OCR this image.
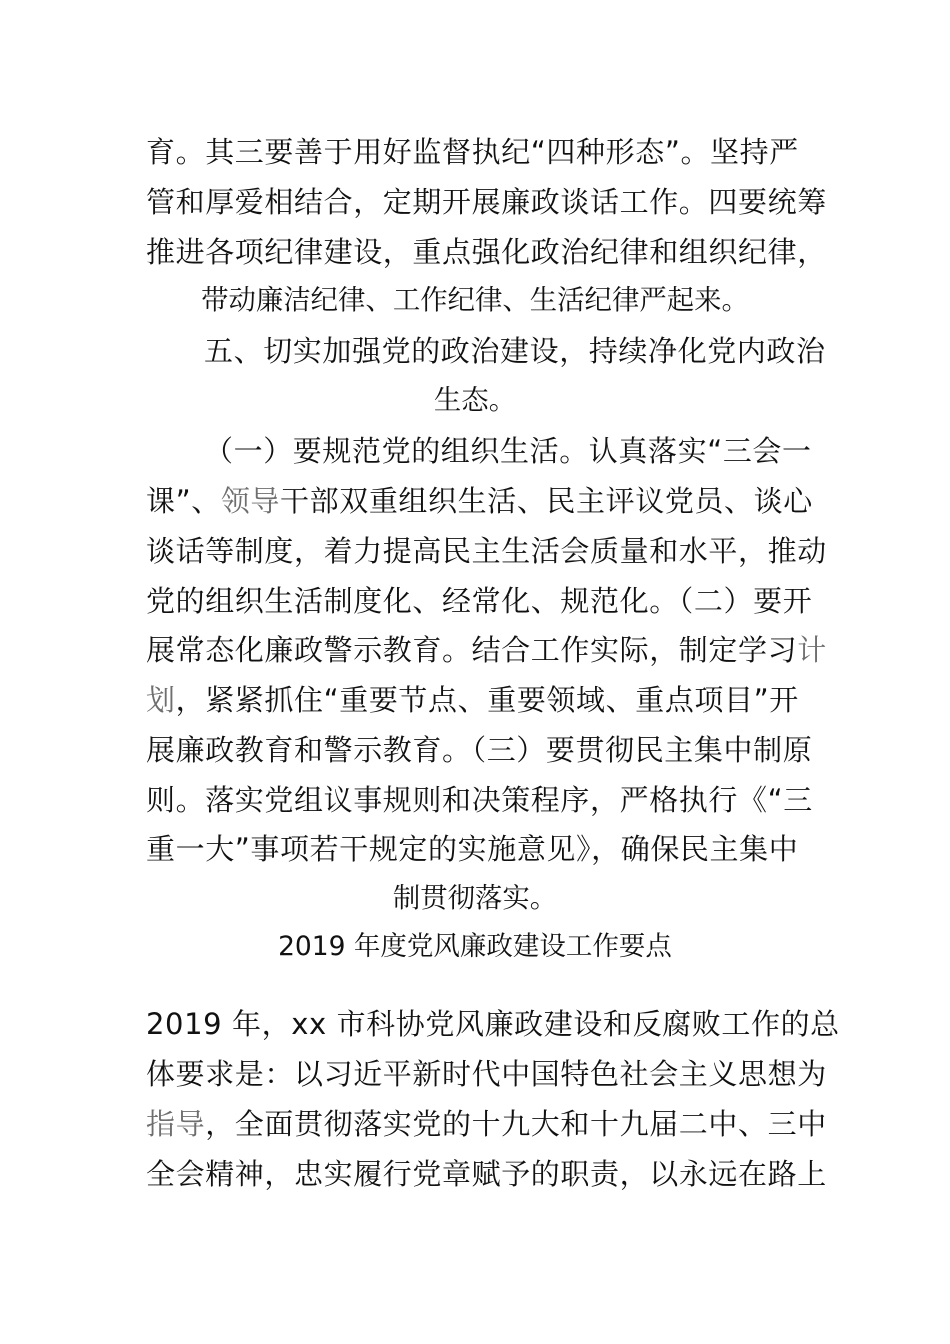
育。其三要善于用好监督执纪“四种形态”。坚持严
管和厚爱相结合，定期开展廉政谈话工作。四要统筹
推进各项纪律建设，重点强化政治纪律和组织纪律，
带动廉洁纪律、工作纪律、生活纪律严起来。
五、切实加强党的政治建设，持续净化党内政治
生态。
（一）要规范党的组织生活。认真落实“三会一
课”、领导干部双重组织生活、民主评议党员、谈心
谈话等制度，着力提高民主生活会质量和水平，推动
党的组织生活制度化、经常化、规范化。（二）要开
展常态化廉政警示教育。结合工作实际，制定学习计
划，紧紧抓住“重要节点、重要领域、重点项目”开
展廉政教育和警示教育。（三）要贯彻民主集中制原
则。落实党组议事规则和决策程序，严格执行《“三
重一大”事项若干规定的实施意见》，确保民主集中
制贯彻落实。
2019 年度党风廉政建设工作要点
2019 年，xx 市科协党风廉政建设和反腐败工作的总
体要求是：以习近平新时代中国特色社会主义思想为
指导，全面贯彻落实党的十九大和十九届二中、三中
全会精神，忠实履行党章赋予的职责，以永远在路上
